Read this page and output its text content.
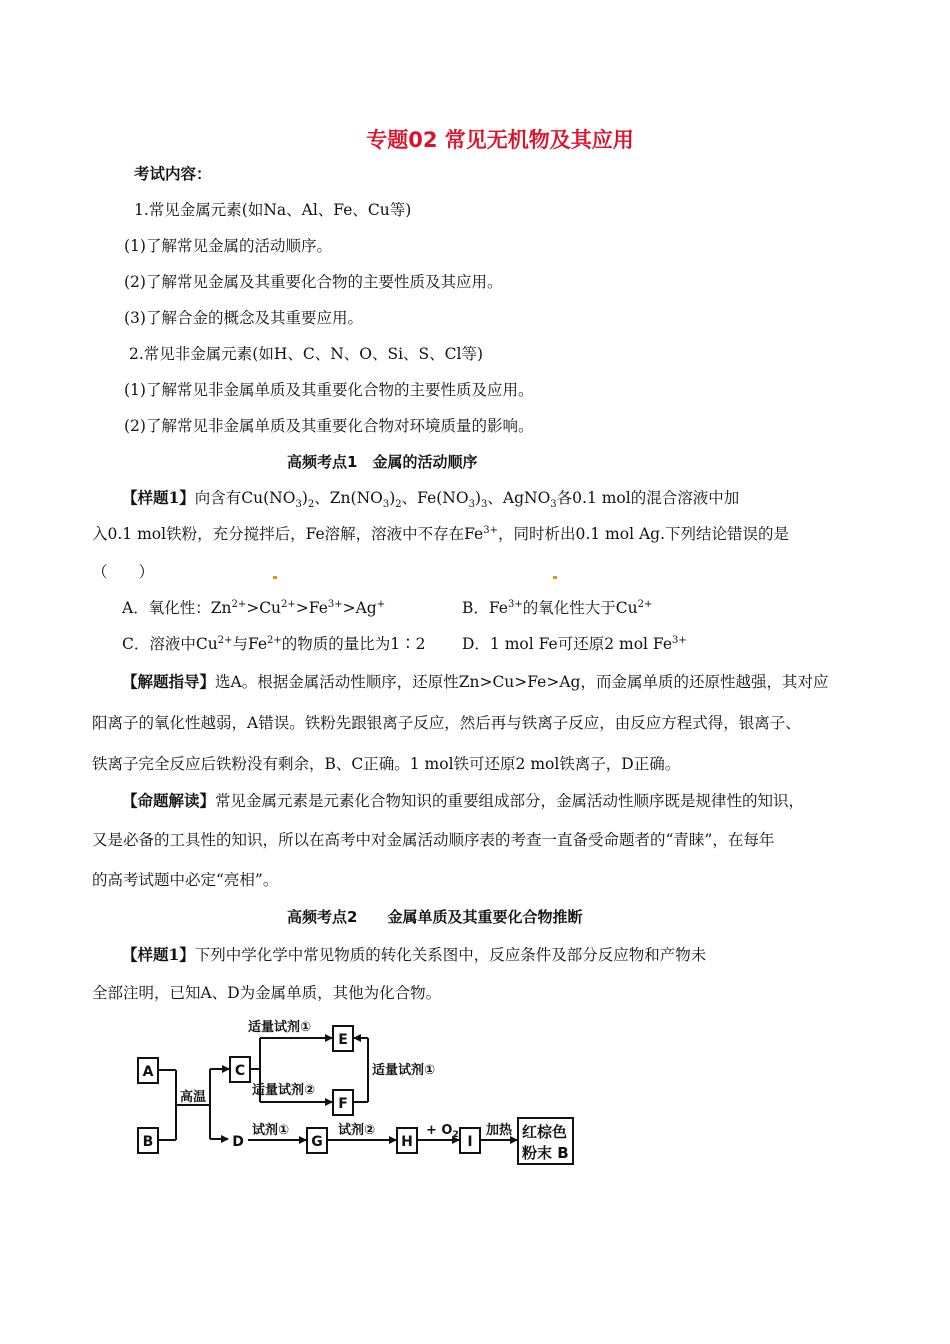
专题02 常见无机物及其应用
考试内容：
1.常见金属元素(如Na、Al、Fe、Cu等)
(1)了解常见金属的活动顺序。
(2)了解常见金属及其重要化合物的主要性质及其应用。
(3)了解合金的概念及其重要应用。
2.常见非金属元素(如H、C、N、O、Si、S、Cl等)
(1)了解常见非金属单质及其重要化合物的主要性质及应用。
(2)了解常见非金属单质及其重要化合物对环境质量的影响。
高频考点1　金属的活动顺序
【样题1】向含有$Cu(NO_3)_2$、$Zn(NO_3)_2$、$Fe(NO_3)_3$、AgNO$_3$各0.1 mol的混合溶液中加
入0.1 mol铁粉，充分搅拌后，Fe溶解，溶液中不存在$Fe^{3+}$，同时析出0.1 mol Ag.下列结论错误的是
（　　）
A．氧化性：$Zn^{2+}>Cu^{2+}>Fe^{3+}>Ag^+$	B．$Fe^{3+}$的氧化性大于$Cu^{2+}$
C．溶液中$Cu^{2+}$与$Fe^{2+}$的物质的量比为1∶2 D．1 mol Fe可还原2 mol $Fe^{3+}$
【解题指导】选A。根据金属活动性顺序，还原性Zn>Cu>Fe>Ag，而金属单质的还原性越强，其对应
阳离子的氧化性越弱，A错误。铁粉先跟银离子反应，然后再与铁离子反应，由反应方程式得，银离子、
铁离子完全反应后铁粉没有剩余，B、C正确。1 mol铁可还原2 mol铁离子，D正确。
【命题解读】常见金属元素是元素化合物知识的重要组成部分，金属活动性顺序既是规律性的知识，
又是必备的工具性的知识，所以在高考中对金属活动顺序表的考查一直备受命题者的“青睐”，在每年
的高考试题中必定“亮相”。
高频考点2　　金属单质及其重要化合物推断
【样题1】下列中学化学中常见物质的转化关系图中，反应条件及部分反应物和产物未
全部注明，已知A、D为金属单质，其他为化合物。
A
B
C
D
E
F
G	H	I
高温
适量试剂①
适量试剂②
适量试剂①
试剂①	试剂②	+ $O_2$ 加热 红棕色
粉末 B
